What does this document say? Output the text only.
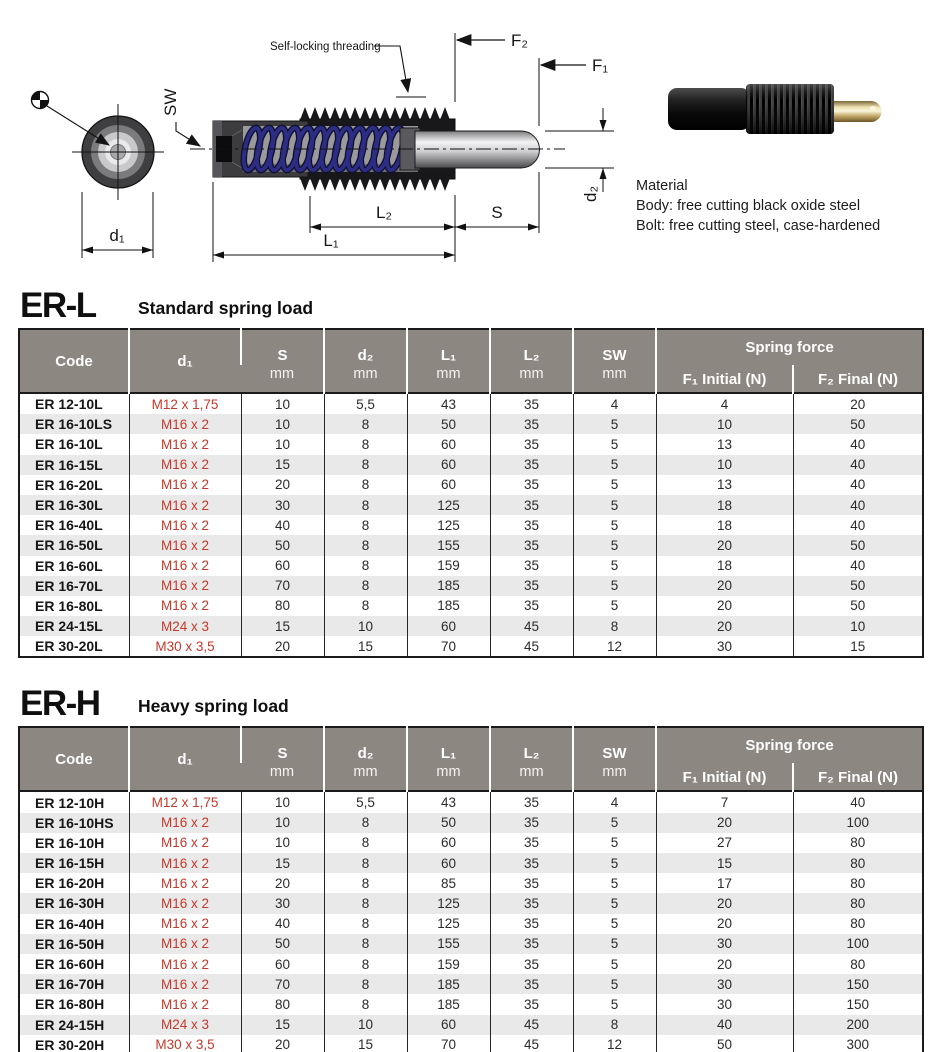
d₁
SW
Self-locking threading	F₂
F₁
d₂
S
L₂
L₁
Material
Body: free cutting black oxide steel
Bolt: free cutting steel, case-hardened
ER-L	Standard spring load
Code	d₁	S	d₂	L₁	L₂	SW	Spring force	
		mm	mm	mm	mm	mm	F₁ Initial (N)	F₂ Final (N)
ER 12-10L	M12 x 1,75	10	5,5	43	35	4	4	20
ER 16-10LS	M16 x 2	10	8	50	35	5	10	50
ER 16-10L	M16 x 2	10	8	60	35	5	13	40
ER 16-15L	M16 x 2	15	8	60	35	5	10	40
ER 16-20L	M16 x 2	20	8	60	35	5	13	40
ER 16-30L	M16 x 2	30	8	125	35	5	18	40
ER 16-40L	M16 x 2	40	8	125	35	5	18	40
ER 16-50L	M16 x 2	50	8	155	35	5	20	50
ER 16-60L	M16 x 2	60	8	159	35	5	18	40
ER 16-70L	M16 x 2	70	8	185	35	5	20	50
ER 16-80L	M16 x 2	80	8	185	35	5	20	50
ER 24-15L	M24 x 3	15	10	60	45	8	20	10
ER 30-20L	M30 x 3,5	20	15	70	45	12	30	15
ER-H	Heavy spring load
Code	d₁	S	d₂	L₁	L₂	SW	Spring force	
		mm	mm	mm	mm	mm	F₁ Initial (N)	F₂ Final (N)
ER 12-10H	M12 x 1,75	10	5,5	43	35	4	7	40
ER 16-10HS	M16 x 2	10	8	50	35	5	20	100
ER 16-10H	M16 x 2	10	8	60	35	5	27	80
ER 16-15H	M16 x 2	15	8	60	35	5	15	80
ER 16-20H	M16 x 2	20	8	85	35	5	17	80
ER 16-30H	M16 x 2	30	8	125	35	5	20	80
ER 16-40H	M16 x 2	40	8	125	35	5	20	80
ER 16-50H	M16 x 2	50	8	155	35	5	30	100
ER 16-60H	M16 x 2	60	8	159	35	5	20	80
ER 16-70H	M16 x 2	70	8	185	35	5	30	150
ER 16-80H	M16 x 2	80	8	185	35	5	30	150
ER 24-15H	M24 x 3	15	10	60	45	8	40	200
ER 30-20H	M30 x 3,5	20	15	70	45	12	50	300
